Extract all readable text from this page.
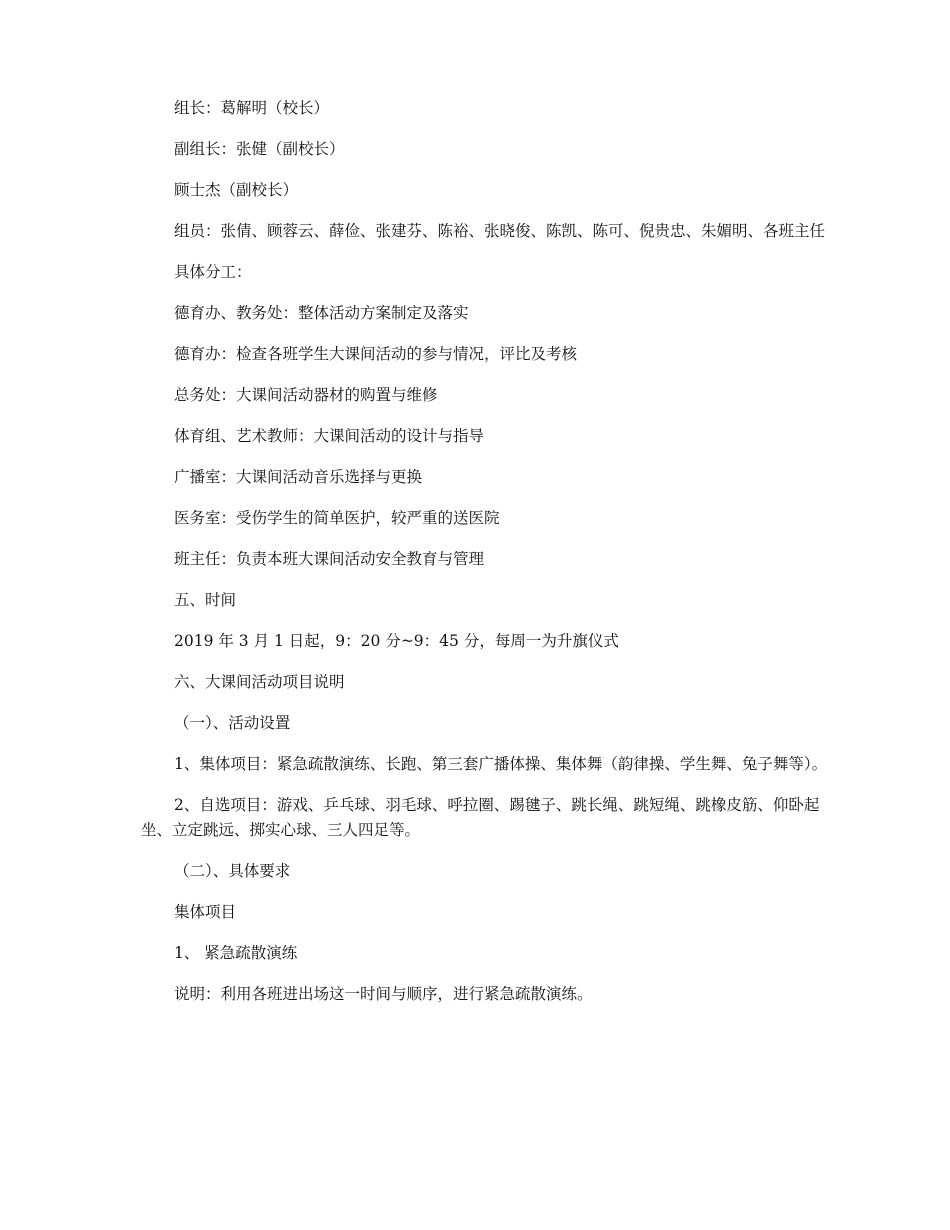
组长：葛解明（校长）

副组长：张健（副校长）

顾士杰（副校长）

组员：张倩、顾蓉云、薛俭、张建芬、陈裕、张晓俊、陈凯、陈可、倪贵忠、朱媚明、各班主任

具体分工：

德育办、教务处：整体活动方案制定及落实

德育办：检查各班学生大课间活动的参与情况，评比及考核

总务处：大课间活动器材的购置与维修

体育组、艺术教师：大课间活动的设计与指导

广播室：大课间活动音乐选择与更换

医务室：受伤学生的简单医护，较严重的送医院

班主任：负责本班大课间活动安全教育与管理

五、时间

2019 年 3 月 1 日起，9：20 分~9：45 分，每周一为升旗仪式

六、大课间活动项目说明

（一）、活动设置

1、集体项目：紧急疏散演练、长跑、第三套广播体操、集体舞（韵律操、学生舞、兔子舞等）。

2、自选项目：游戏、乒乓球、羽毛球、呼拉圈、踢毽子、跳长绳、跳短绳、跳橡皮筋、仰卧起坐、立定跳远、掷实心球、三人四足等。

（二）、具体要求

集体项目

1、 紧急疏散演练

说明：利用各班进出场这一时间与顺序，进行紧急疏散演练。
